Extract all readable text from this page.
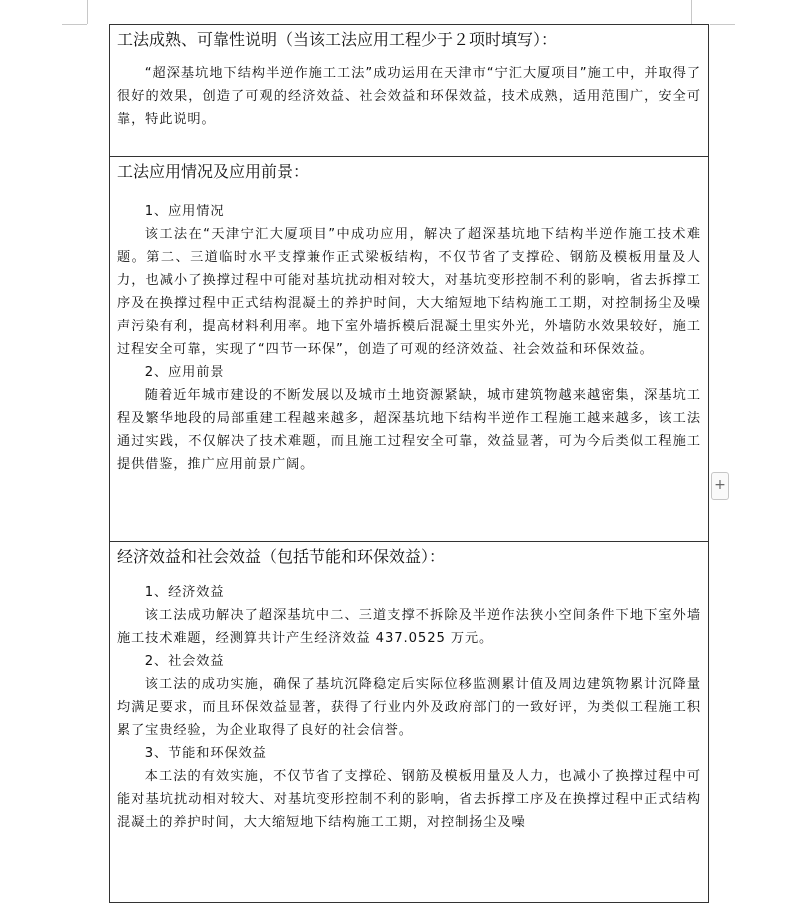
工法成熟、可靠性说明（当该工法应用工程少于２项时填写）：

“超深基坑地下结构半逆作施工工法”成功运用在天津市“宁汇大厦项目”施工中，并取得了很好的效果，创造了可观的经济效益、社会效益和环保效益，技术成熟，适用范围广，安全可靠，特此说明。

工法应用情况及应用前景：

1、应用情况

该工法在“天津宁汇大厦项目”中成功应用，解决了超深基坑地下结构半逆作施工技术难题。第二、三道临时水平支撑兼作正式梁板结构，不仅节省了支撑砼、钢筋及模板用量及人力，也减小了换撑过程中可能对基坑扰动相对较大，对基坑变形控制不利的影响，省去拆撑工序及在换撑过程中正式结构混凝土的养护时间，大大缩短地下结构施工工期，对控制扬尘及噪声污染有利，提高材料利用率。地下室外墙拆模后混凝土里实外光，外墙防水效果较好，施工过程安全可靠，实现了“四节一环保”，创造了可观的经济效益、社会效益和环保效益。

2、应用前景

随着近年城市建设的不断发展以及城市土地资源紧缺，城市建筑物越来越密集，深基坑工程及繁华地段的局部重建工程越来越多，超深基坑地下结构半逆作工程施工越来越多，该工法通过实践，不仅解决了技术难题，而且施工过程安全可靠，效益显著，可为今后类似工程施工提供借鉴，推广应用前景广阔。

经济效益和社会效益（包括节能和环保效益）：

1、经济效益

该工法成功解决了超深基坑中二、三道支撑不拆除及半逆作法狭小空间条件下地下室外墙施工技术难题，经测算共计产生经济效益 437.0525 万元。

2、社会效益

该工法的成功实施，确保了基坑沉降稳定后实际位移监测累计值及周边建筑物累计沉降量均满足要求，而且环保效益显著，获得了行业内外及政府部门的一致好评，为类似工程施工积累了宝贵经验，为企业取得了良好的社会信誉。

3、节能和环保效益

本工法的有效实施，不仅节省了支撑砼、钢筋及模板用量及人力，也减小了换撑过程中可能对基坑扰动相对较大、对基坑变形控制不利的影响，省去拆撑工序及在换撑过程中正式结构混凝土的养护时间，大大缩短地下结构施工工期，对控制扬尘及噪

+
